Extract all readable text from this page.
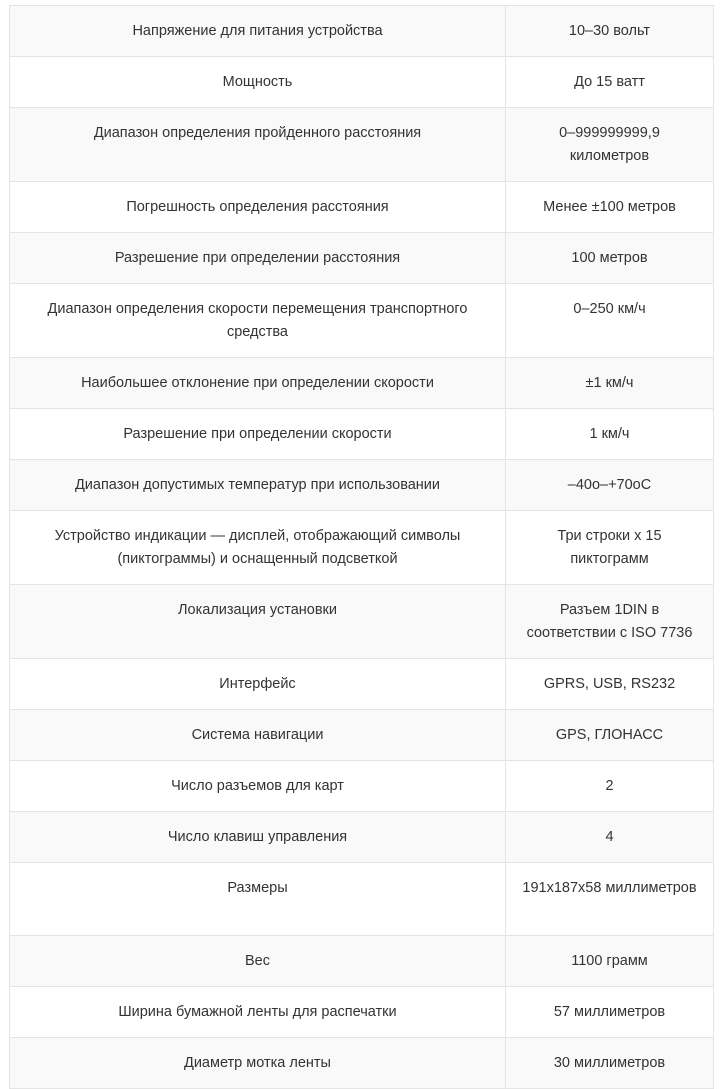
Напряжение для питания устройства	10–30 вольт
Мощность	До 15 ватт
Диапазон определения пройденного расстояния	0–999999999,9 километров
Погрешность определения расстояния	Менее ±100 метров
Разрешение при определении расстояния	100 метров
Диапазон определения скорости перемещения транспортного средства	0–250 км/ч
Наибольшее отклонение при определении скорости	±1 км/ч
Разрешение при определении скорости	1 км/ч
Диапазон допустимых температур при использовании	–40o–+70oC
Устройство индикации — дисплей, отображающий символы (пиктограммы) и оснащенный подсветкой	Три строки x 15 пиктограмм
Локализация установки	Разъем 1DIN в соответствии с ISO 7736
Интерфейс	GPRS, USB, RS232
Система навигации	GPS, ГЛОНАСС
Число разъемов для карт	2
Число клавиш управления	4
Размеры	191x187x58 миллиметров
Вес	1100 грамм
Ширина бумажной ленты для распечатки	57 миллиметров
Диаметр мотка ленты	30 миллиметров
